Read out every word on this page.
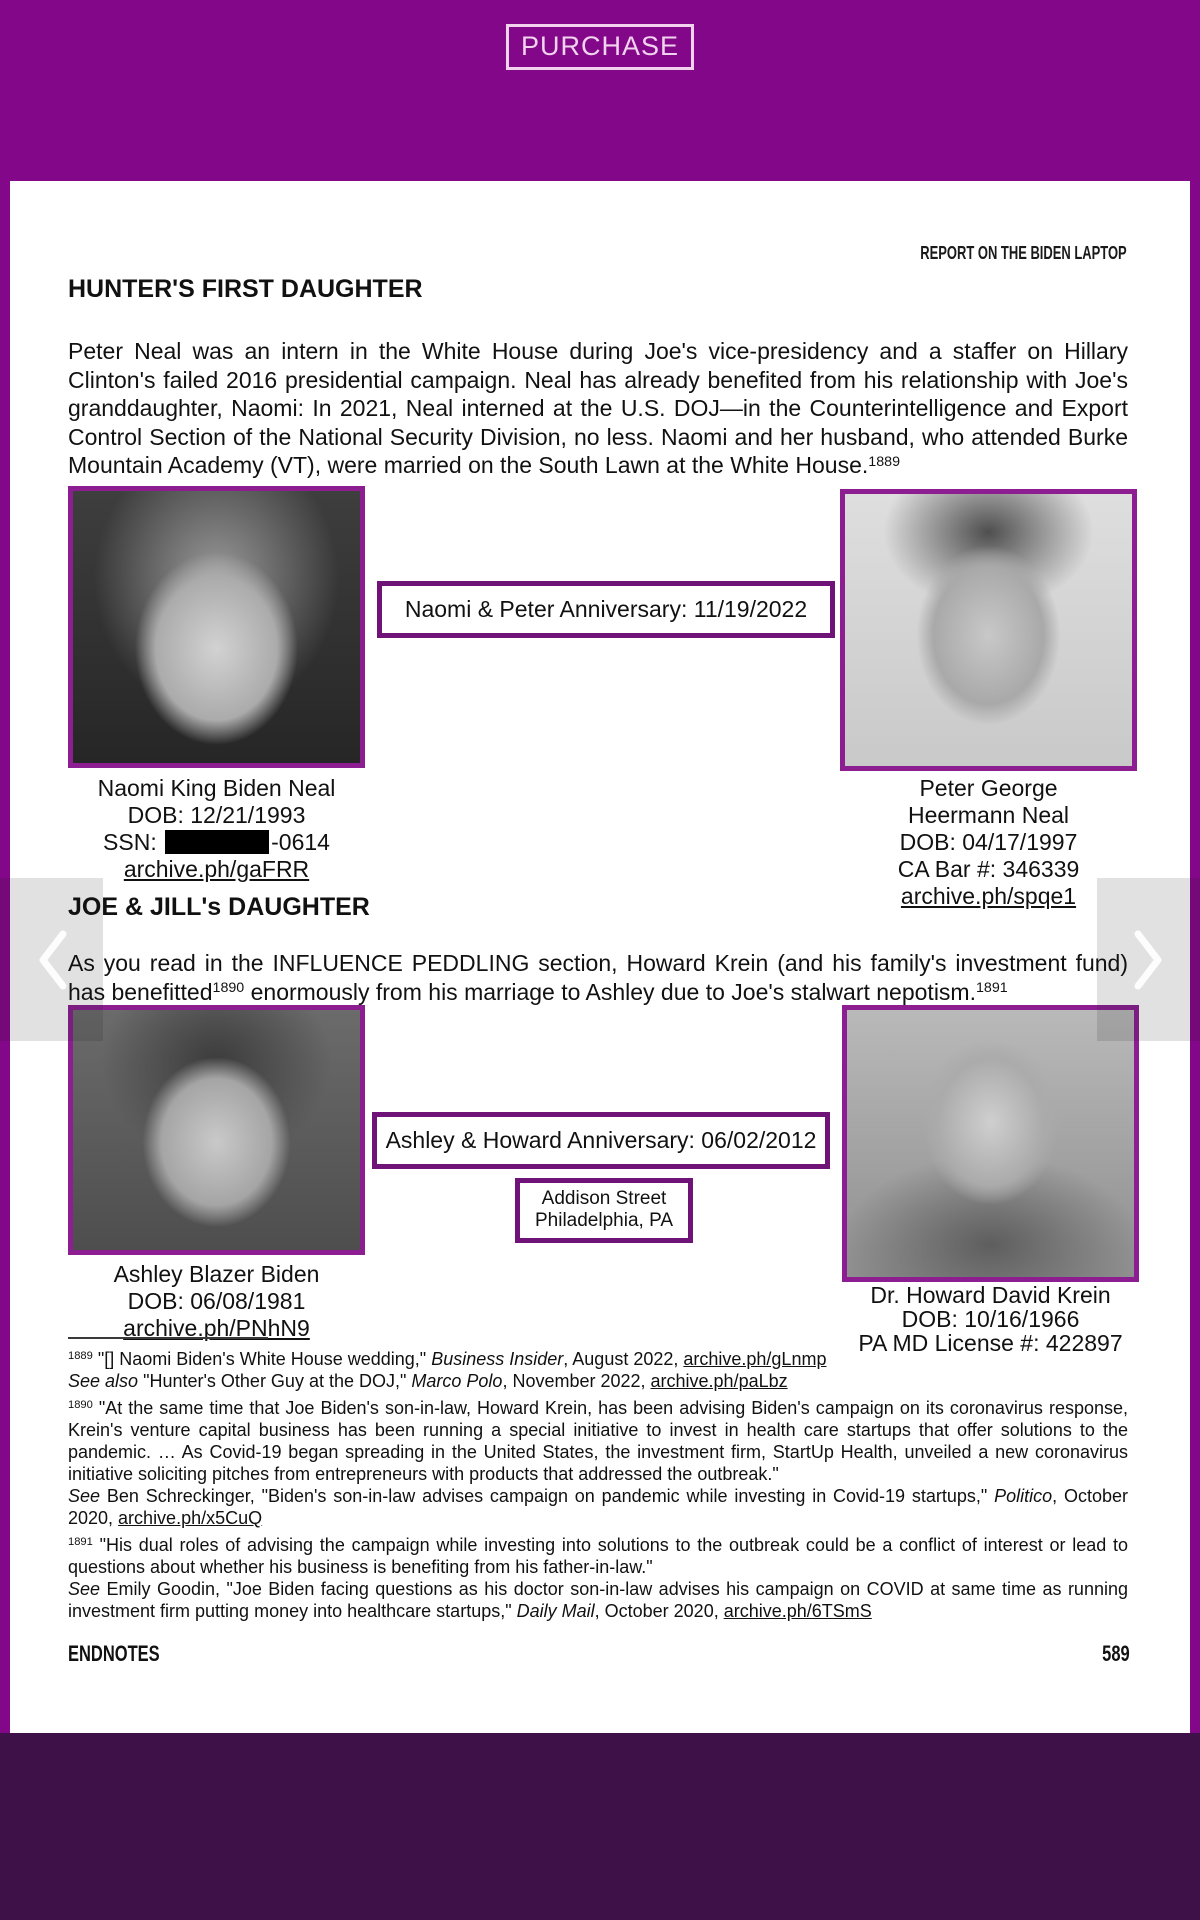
PURCHASE
REPORT ON THE BIDEN LAPTOP
HUNTER'S FIRST DAUGHTER
Peter Neal was an intern in the White House during Joe's vice-presidency and a staffer on Hillary Clinton's failed 2016 presidential campaign. Neal has already benefited from his relationship with Joe's granddaughter, Naomi: In 2021, Neal interned at the U.S. DOJ—in the Counterintelligence and Export Control Section of the National Security Division, no less. Naomi and her husband, who attended Burke Mountain Academy (VT), were married on the South Lawn at the White House.$^{1889}$
Naomi & Peter Anniversary: 11/19/2022
Naomi King Biden Neal
DOB: 12/21/1993
SSN:	-0614
archive.ph/gaFRR
Peter George
Heermann Neal
DOB: 04/17/1997
CA Bar #: 346339
archive.ph/spqe1
JOE & JILL's DAUGHTER
As you read in the INFLUENCE PEDDLING section, Howard Krein (and his family's investment fund) has benefitted$^{1890}$ enormously from his marriage to Ashley due to Joe's stalwart nepotism.$^{1891}$
Ashley & Howard Anniversary: 06/02/2012
Addison Street
Philadelphia, PA
Ashley Blazer Biden
DOB: 06/08/1981
archive.ph/PNhN9
Dr. Howard David Krein
DOB: 10/16/1966
PA MD License #: 422897
$^{1889}$ "[] Naomi Biden's White House wedding," Business Insider, August 2022, archive.ph/gLnmp
See also "Hunter's Other Guy at the DOJ," Marco Polo, November 2022, archive.ph/paLbz
$^{1890}$ "At the same time that Joe Biden's son-in-law, Howard Krein, has been advising Biden's campaign on its coronavirus response, Krein's venture capital business has been running a special initiative to invest in health care startups that offer solutions to the pandemic. … As Covid-19 began spreading in the United States, the investment firm, StartUp Health, unveiled a new coronavirus initiative soliciting pitches from entrepreneurs with products that addressed the outbreak."
See Ben Schreckinger, "Biden's son-in-law advises campaign on pandemic while investing in Covid-19 startups," Politico, October 2020, archive.ph/x5CuQ
$^{1891}$ "His dual roles of advising the campaign while investing into solutions to the outbreak could be a conflict of interest or lead to questions about whether his business is benefiting from his father-in-law."
See Emily Goodin, "Joe Biden facing questions as his doctor son-in-law advises his campaign on COVID at same time as running investment firm putting money into healthcare startups," Daily Mail, October 2020, archive.ph/6TSmS
ENDNOTES	589
